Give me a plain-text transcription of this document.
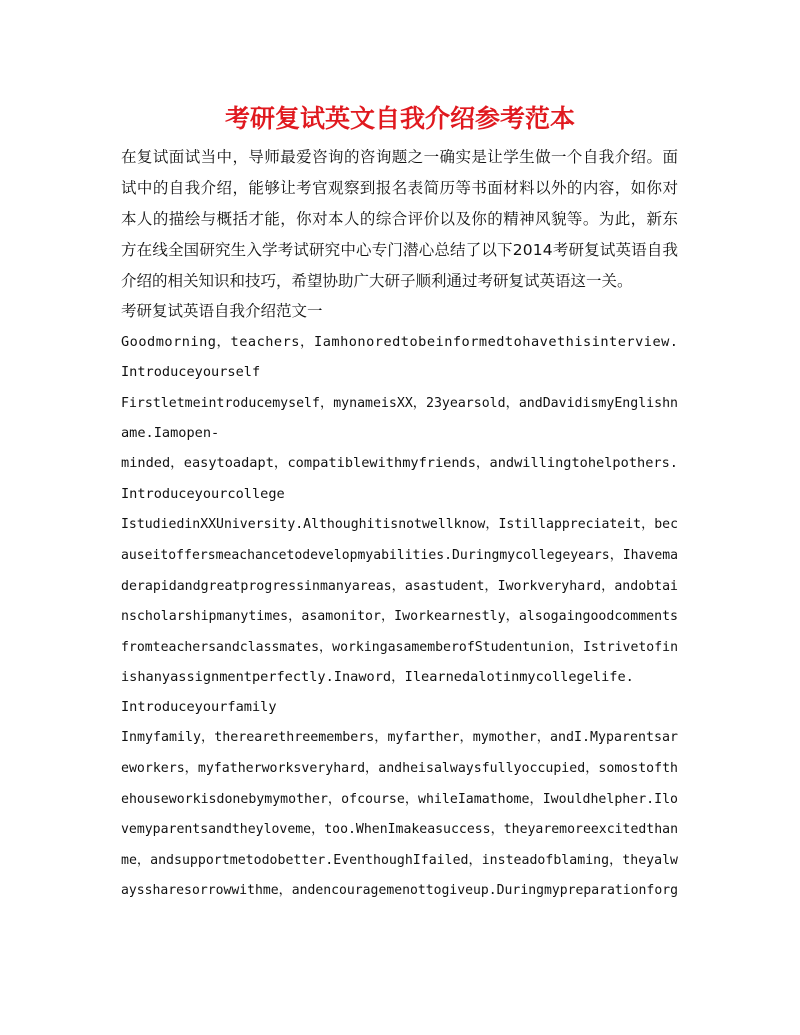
考研复试英文自我介绍参考范本
在复试面试当中，导师最爱咨询的咨询题之一确实是让学生做一个自我介绍。面
试中的自我介绍，能够让考官观察到报名表简历等书面材料以外的内容，如你对
本人的描绘与概括才能，你对本人的综合评价以及你的精神风貌等。为此，新东
方在线全国研究生入学考试研究中心专门潜心总结了以下2014考研复试英语自我
介绍的相关知识和技巧，希望协助广大研子顺利通过考研复试英语这一关。
考研复试英语自我介绍范文一
Goodmorning，teachers，Iamhonoredtobeinformedtohavethisinterview.
Introduceyourself
Firstletmeintroducemyself，mynameisXX，23yearsold，andDavidismyEnglishn
ame.Iamopen-
minded，easytoadapt，compatiblewithmyfriends，andwillingtohelpothers.
Introduceyourcollege
IstudiedinXXUniversity.Althoughitisnotwellknow，Istillappreciateit，bec
auseitoffersmeachancetodevelopmyabilities.Duringmycollegeyears，Ihavema
derapidandgreatprogressinmanyareas，asastudent，Iworkveryhard，andobtai
nscholarshipmanytimes，asamonitor，Iworkearnestly，alsogaingoodcomments
fromteachersandclassmates，workingasamemberofStudentunion，Istrivetofin
ishanyassignmentperfectly.Inaword，Ilearnedalotinmycollegelife.
Introduceyourfamily
Inmyfamily，therearethreemembers，myfarther，mymother，andI.Myparentsar
eworkers，myfatherworksveryhard，andheisalwaysfullyoccupied，somostofth
ehouseworkisdonebymymother，ofcourse，whileIamathome，Iwouldhelpher.Ilo
vemyparentsandtheyloveme，too.WhenImakeasuccess，theyaremoreexcitedthan
me，andsupportmetodobetter.EventhoughIfailed，insteadofblaming，theyalw
ayssharesorrowwithme，andencouragemenottogiveup.Duringmypreparationforg
